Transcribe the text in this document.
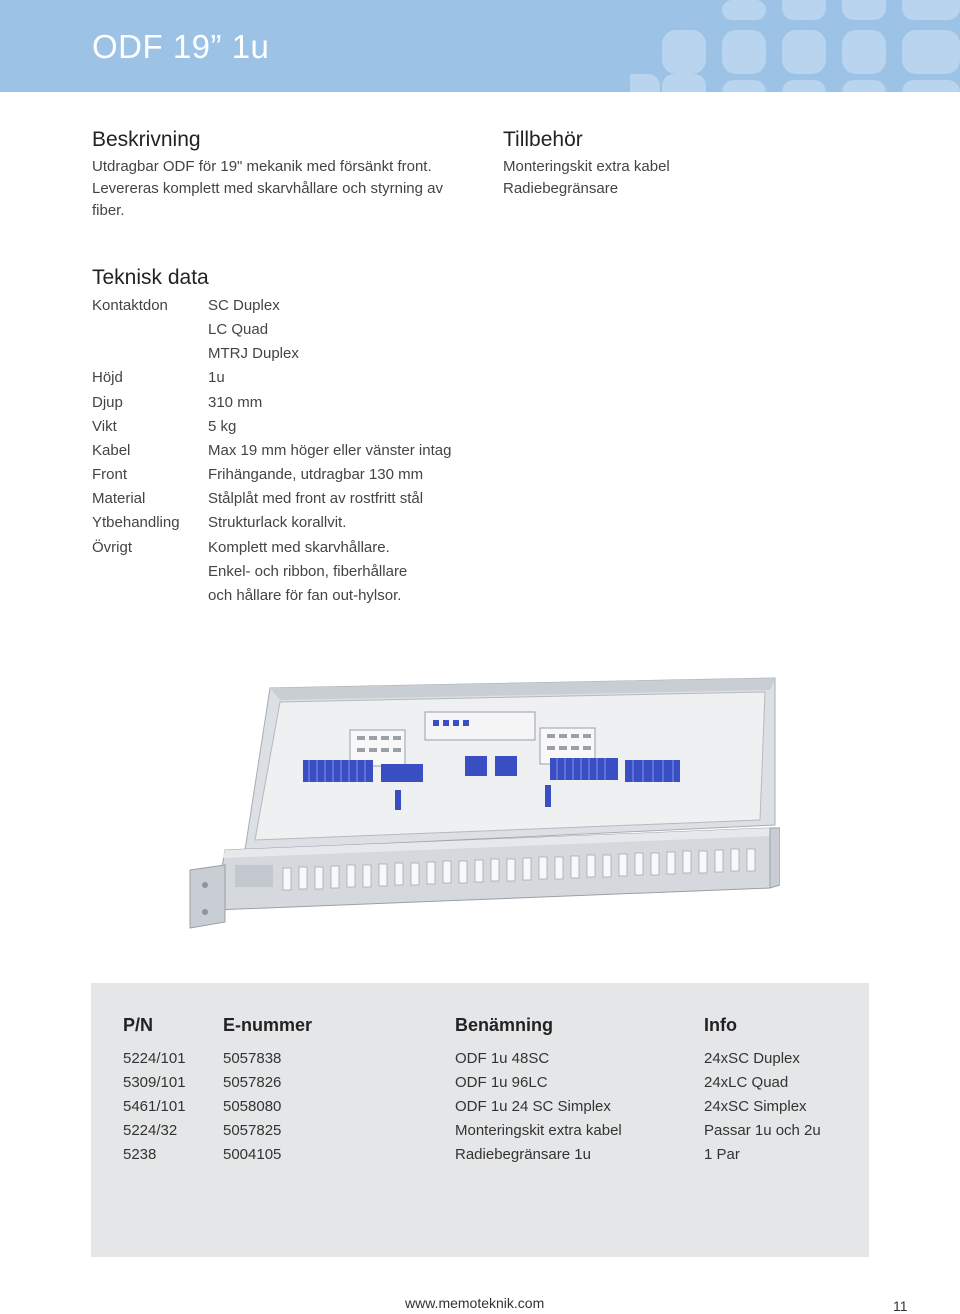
ODF 19” 1u
Beskrivning

Utdragbar ODF för 19" mekanik med försänkt front.
Levereras komplett med skarvhållare och styrning av
fiber.

Tillbehör

Monteringskit extra kabel
Radiebegränsare

Teknisk data
Kontaktdon	SC Duplex
LC Quad
MTRJ Duplex
Höjd	1u
Djup	310 mm
Vikt	5 kg
Kabel	Max 19 mm höger eller vänster intag
Front	Frihängande, utdragbar 130 mm
Material	Stålplåt med front av rostfritt stål
Ytbehandling Strukturlack korallvit.
Övrigt	Komplett med skarvhållare.
Enkel- och ribbon, fiberhållare
och hållare för fan out-hylsor.
P/N	E-nummer	Benämning	Info
5224/101 5057838	ODF 1u 48SC	24xSC Duplex
5309/101 5057826	ODF 1u 96LC	24xLC Quad
5461/101 5058080	ODF 1u 24 SC Simplex	24xSC Simplex
5224/32	5057825	Monteringskit extra kabel	Passar 1u och 2u
5238	5004105	Radiebegränsare 1u	1 Par
www.memoteknik.com	11
